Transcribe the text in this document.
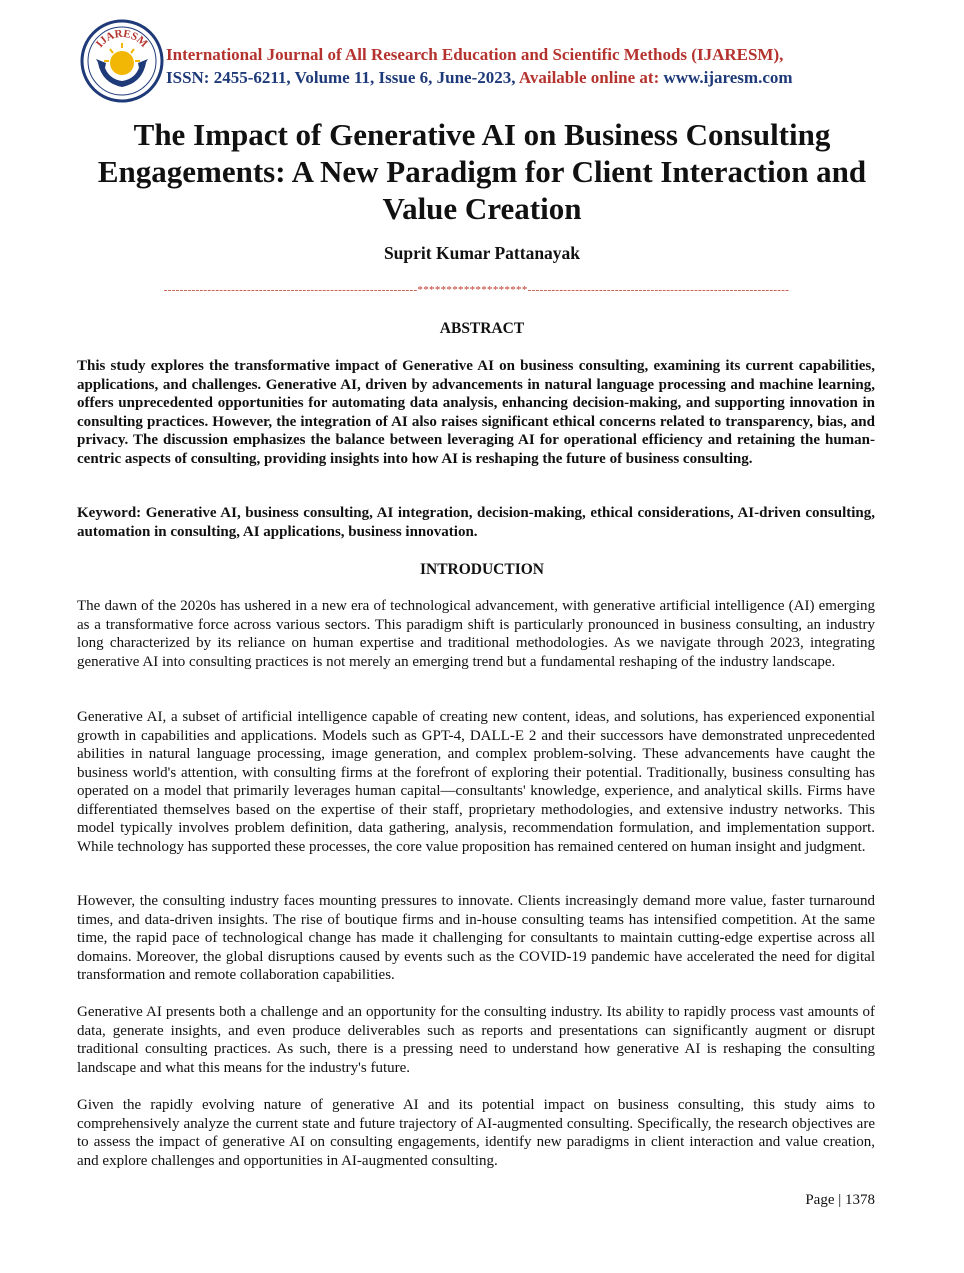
IJARESM
International Journal of All Research Education and Scientific Methods (IJARESM),
ISSN: 2455-6211, Volume 11, Issue 6, June-2023, Available online at: www.ijaresm.com
The Impact of Generative AI on Business Consulting Engagements: A New Paradigm for Client Interaction and Value Creation
Suprit Kumar Pattanayak
----------------------------------------------------------------*******************------------------------------------------------------------------
ABSTRACT

This study explores the transformative impact of Generative AI on business consulting, examining its current capabilities, applications, and challenges. Generative AI, driven by advancements in natural language processing and machine learning, offers unprecedented opportunities for automating data analysis, enhancing decision-making, and supporting innovation in consulting practices. However, the integration of AI also raises significant ethical concerns related to transparency, bias, and privacy. The discussion emphasizes the balance between leveraging AI for operational efficiency and retaining the human-centric aspects of consulting, providing insights into how AI is reshaping the future of business consulting.

Keyword: Generative AI, business consulting, AI integration, decision-making, ethical considerations, AI-driven consulting, automation in consulting, AI applications, business innovation.

INTRODUCTION

The dawn of the 2020s has ushered in a new era of technological advancement, with generative artificial intelligence (AI) emerging as a transformative force across various sectors. This paradigm shift is particularly pronounced in business consulting, an industry long characterized by its reliance on human expertise and traditional methodologies. As we navigate through 2023, integrating generative AI into consulting practices is not merely an emerging trend but a fundamental reshaping of the industry landscape.

Generative AI, a subset of artificial intelligence capable of creating new content, ideas, and solutions, has experienced exponential growth in capabilities and applications. Models such as GPT-4, DALL-E 2 and their successors have demonstrated unprecedented abilities in natural language processing, image generation, and complex problem-solving. These advancements have caught the business world's attention, with consulting firms at the forefront of exploring their potential. Traditionally, business consulting has operated on a model that primarily leverages human capital—consultants' knowledge, experience, and analytical skills. Firms have differentiated themselves based on the expertise of their staff, proprietary methodologies, and extensive industry networks. This model typically involves problem definition, data gathering, analysis, recommendation formulation, and implementation support. While technology has supported these processes, the core value proposition has remained centered on human insight and judgment.

However, the consulting industry faces mounting pressures to innovate. Clients increasingly demand more value, faster turnaround times, and data-driven insights. The rise of boutique firms and in-house consulting teams has intensified competition. At the same time, the rapid pace of technological change has made it challenging for consultants to maintain cutting-edge expertise across all domains. Moreover, the global disruptions caused by events such as the COVID-19 pandemic have accelerated the need for digital transformation and remote collaboration capabilities.

Generative AI presents both a challenge and an opportunity for the consulting industry. Its ability to rapidly process vast amounts of data, generate insights, and even produce deliverables such as reports and presentations can significantly augment or disrupt traditional consulting practices. As such, there is a pressing need to understand how generative AI is reshaping the consulting landscape and what this means for the industry's future.

Given the rapidly evolving nature of generative AI and its potential impact on business consulting, this study aims to comprehensively analyze the current state and future trajectory of AI-augmented consulting. Specifically, the research objectives are to assess the impact of generative AI on consulting engagements, identify new paradigms in client interaction and value creation, and explore challenges and opportunities in AI-augmented consulting.

Page | 1378
